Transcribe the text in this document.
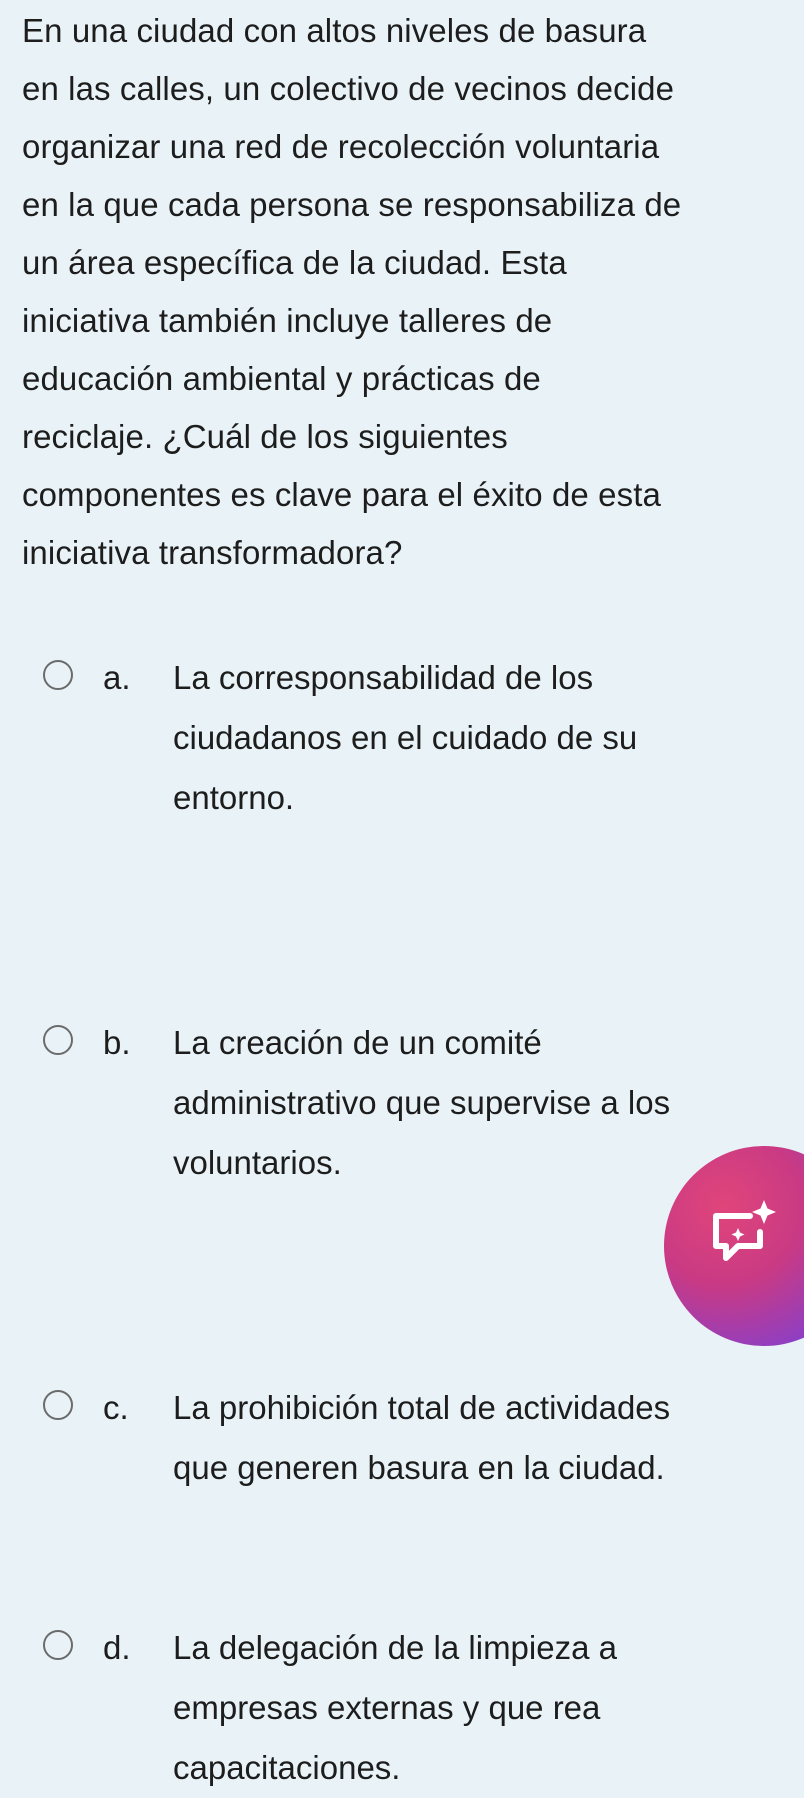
En una ciudad con altos niveles de basura
en las calles, un colectivo de vecinos decide
organizar una red de recolección voluntaria
en la que cada persona se responsabiliza de
un área específica de la ciudad. Esta
iniciativa también incluye talleres de
educación ambiental y prácticas de
reciclaje. ¿Cuál de los siguientes
componentes es clave para el éxito de esta
iniciativa transformadora?
a. La corresponsabilidad de los
ciudadanos en el cuidado de su
entorno.
b. La creación de un comité
administrativo que supervise a los
voluntarios.
c. La prohibición total de actividades
que generen basura en la ciudad.
d. La delegación de la limpieza a
empresas externas y que rea
capacitaciones.
